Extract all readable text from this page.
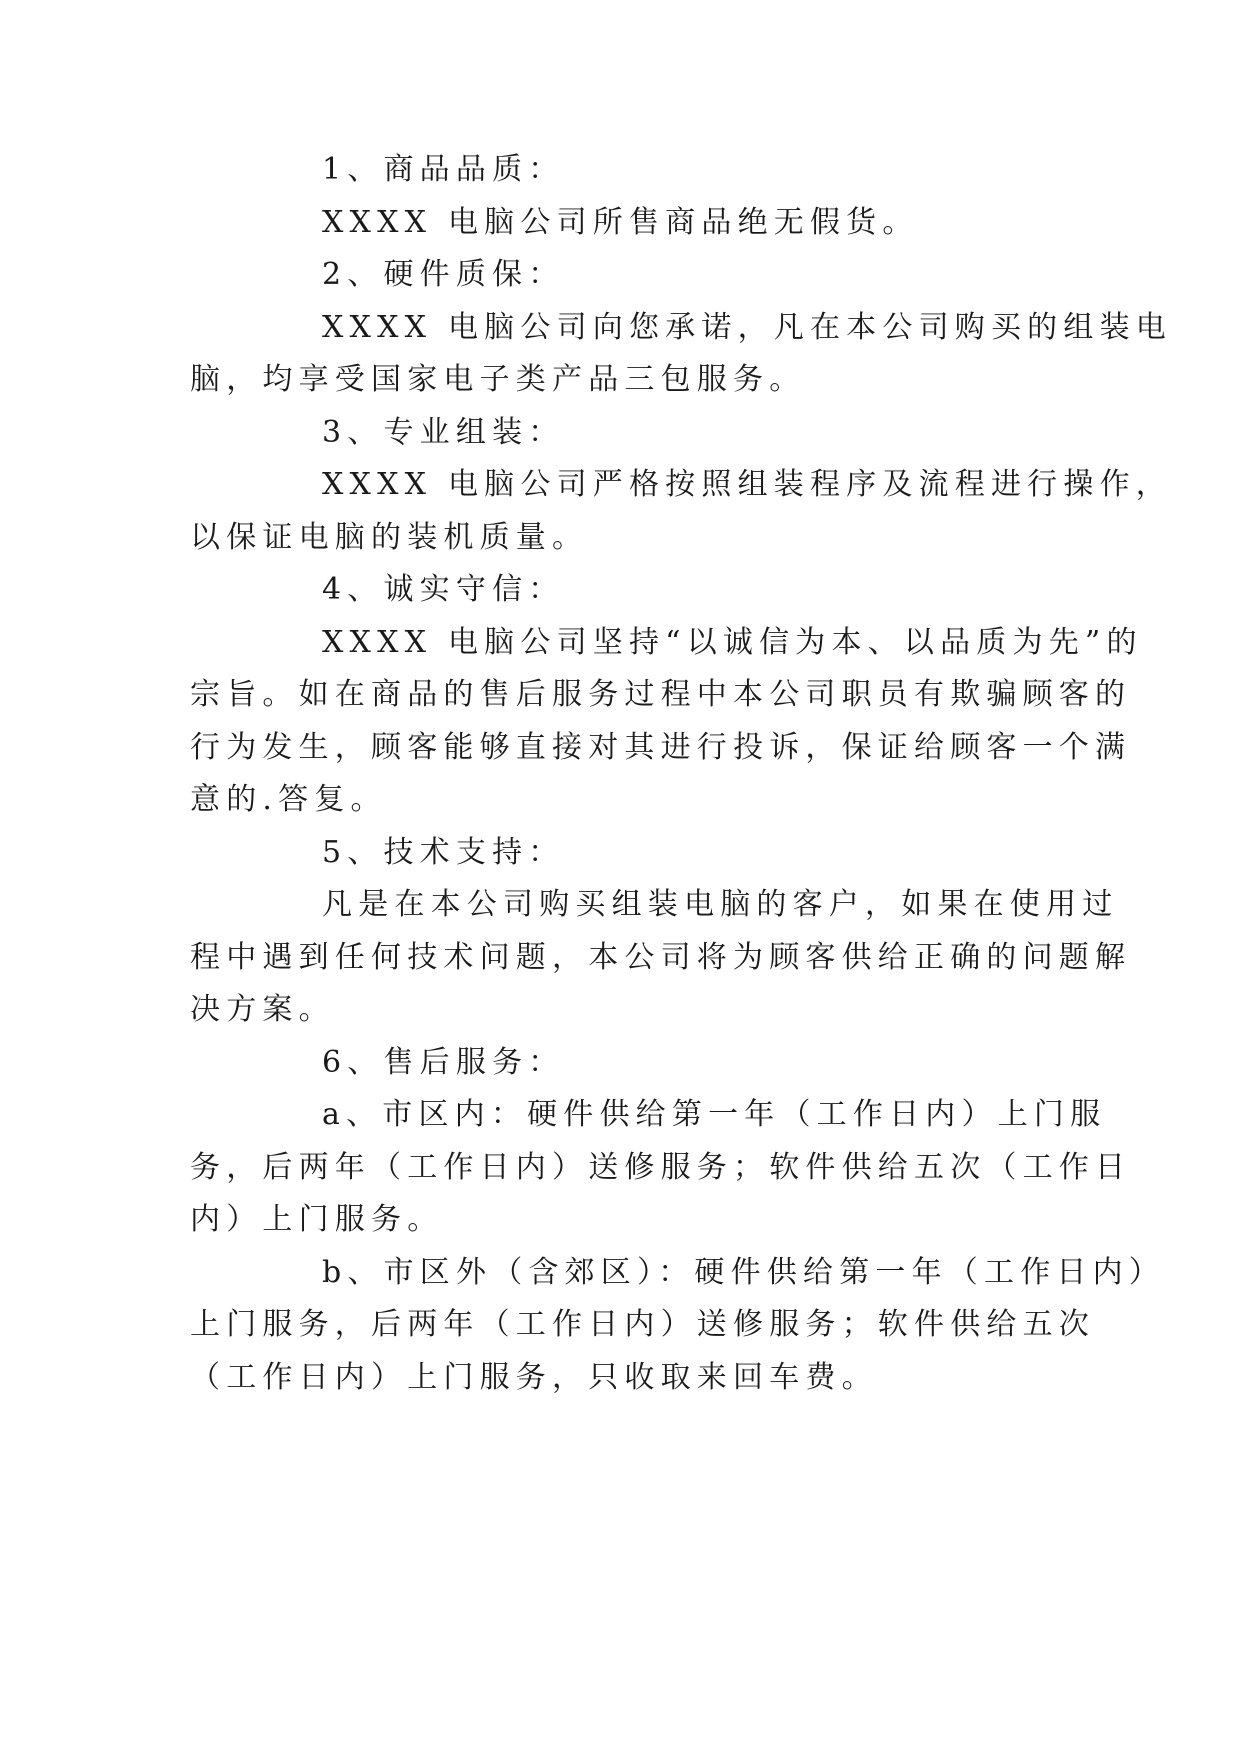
1、商品品质：
XXXX 电脑公司所售商品绝无假货。
2、硬件质保：
XXXX 电脑公司向您承诺，凡在本公司购买的组装电
脑，均享受国家电子类产品三包服务。
3、专业组装：
XXXX 电脑公司严格按照组装程序及流程进行操作，
以保证电脑的装机质量。
4、诚实守信：
XXXX 电脑公司坚持“以诚信为本、以品质为先”的
宗旨。如在商品的售后服务过程中本公司职员有欺骗顾客的
行为发生，顾客能够直接对其进行投诉，保证给顾客一个满
意的.答复。
5、技术支持：
凡是在本公司购买组装电脑的客户，如果在使用过
程中遇到任何技术问题，本公司将为顾客供给正确的问题解
决方案。
6、售后服务：
a、市区内：硬件供给第一年（工作日内）上门服
务，后两年（工作日内）送修服务；软件供给五次（工作日
内）上门服务。
b、市区外（含郊区）：硬件供给第一年（工作日内）
上门服务，后两年（工作日内）送修服务；软件供给五次
（工作日内）上门服务，只收取来回车费。
